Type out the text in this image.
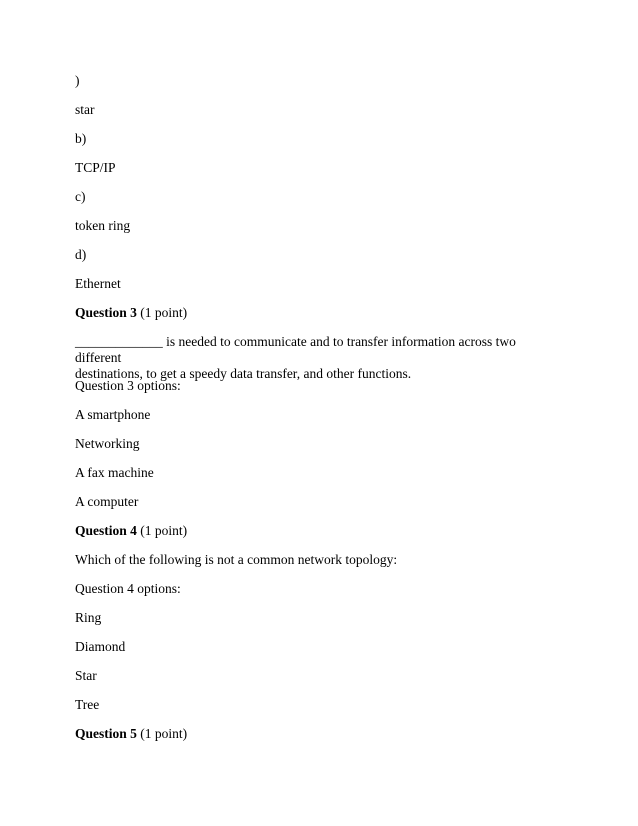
)
star
b)
TCP/IP
c)
token ring
d)
Ethernet
Question 3 (1 point)
_____________ is needed to communicate and to transfer information across two different
destinations, to get a speedy data transfer, and other functions.
Question 3 options:
A smartphone
Networking
A fax machine
A computer
Question 4 (1 point)
Which of the following is not a common network topology:
Question 4 options:
Ring
Diamond
Star
Tree
Question 5 (1 point)
